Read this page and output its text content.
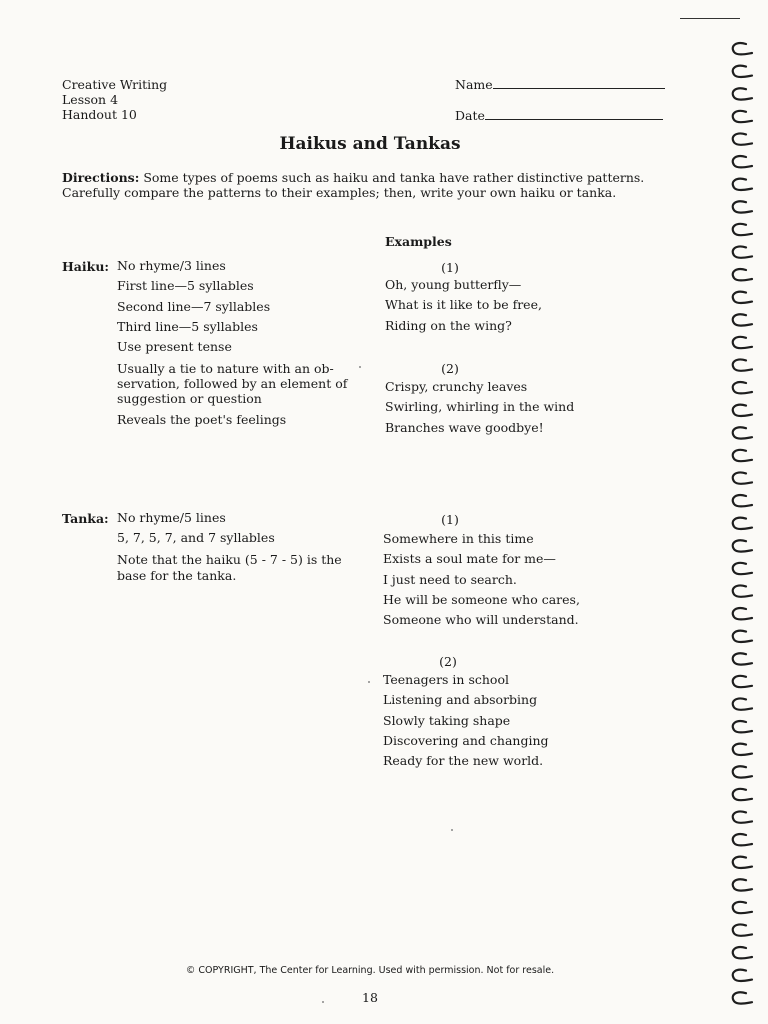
Creative Writing
Lesson 4
Handout 10
Name
Date
Haikus and Tankas
Directions: Some types of poems such as haiku and tanka have rather distinctive patterns. Carefully compare the patterns to their examples; then, write your own haiku or tanka.
Examples
Haiku: No rhyme/3 lines
First line—5 syllables
Second line—7 syllables
Third line—5 syllables
Use present tense
Usually a tie to nature with an ob-
servation, followed by an element of
suggestion or question
Reveals the poet's feelings
(1)
Oh, young butterfly—
What is it like to be free,
Riding on the wing?
(2)
Crispy, crunchy leaves
Swirling, whirling in the wind
Branches wave goodbye!
Tanka: No rhyme/5 lines
5, 7, 5, 7, and 7 syllables
Note that the haiku (5 - 7 - 5) is the
base for the tanka.
(1)
Somewhere in this time
Exists a soul mate for me—
I just need to search.
He will be someone who cares,
Someone who will understand.
(2)
Teenagers in school
Listening and absorbing
Slowly taking shape
Discovering and changing
Ready for the new world.
© COPYRIGHT, The Center for Learning. Used with permission. Not for resale.
18
